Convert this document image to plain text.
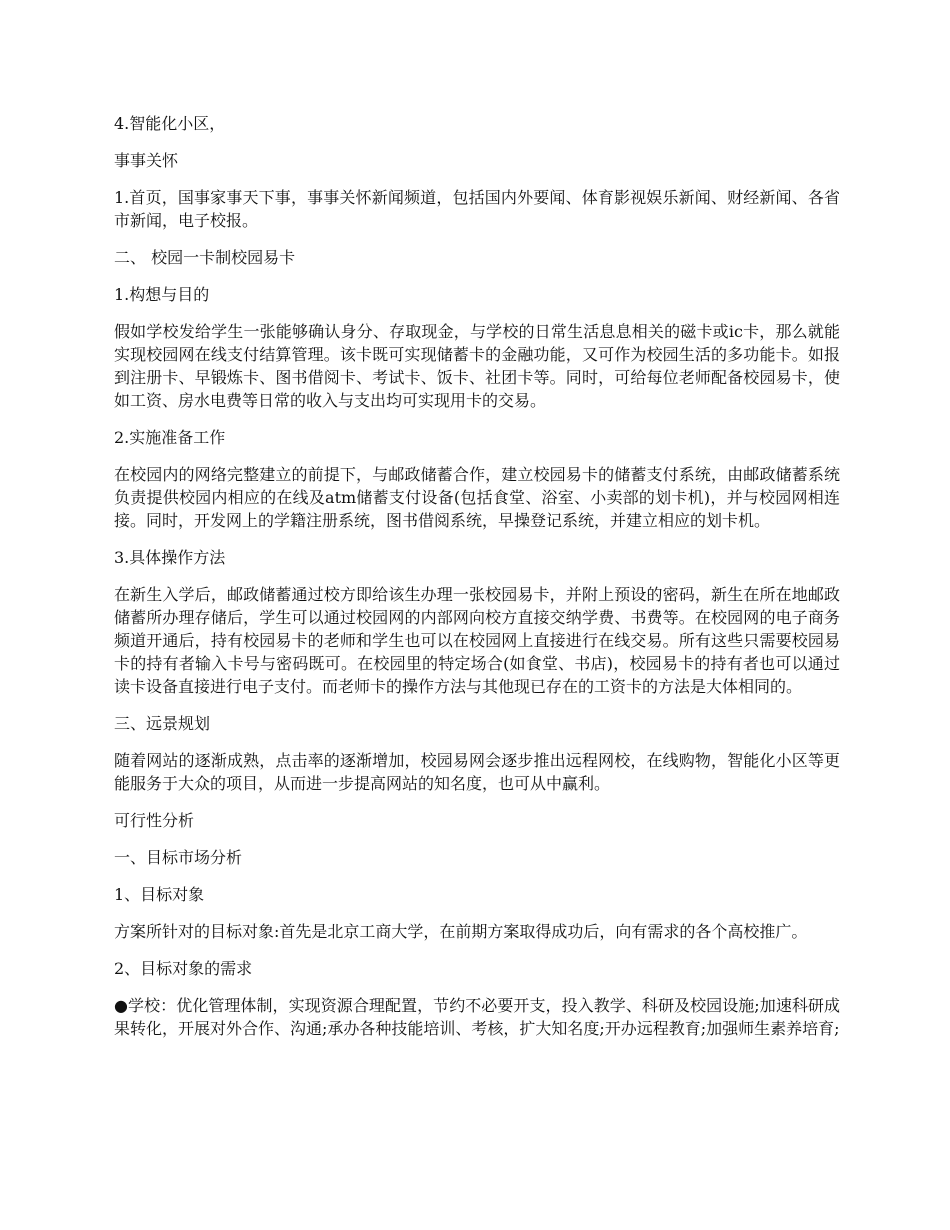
4.智能化小区，

事事关怀

1.首页，国事家事天下事，事事关怀新闻频道，包括国内外要闻、体育影视娱乐新闻、财经新闻、各省市新闻，电子校报。

二、 校园一卡制校园易卡

1.构想与目的

假如学校发给学生一张能够确认身分、存取现金，与学校的日常生活息息相关的磁卡或ic卡，那么就能实现校园网在线支付结算管理。该卡既可实现储蓄卡的金融功能，又可作为校园生活的多功能卡。如报到注册卡、早锻炼卡、图书借阅卡、考试卡、饭卡、社团卡等。同时，可给每位老师配备校园易卡，使如工资、房水电费等日常的收入与支出均可实现用卡的交易。

2.实施准备工作

在校园内的网络完整建立的前提下，与邮政储蓄合作，建立校园易卡的储蓄支付系统，由邮政储蓄系统负责提供校园内相应的在线及atm储蓄支付设备(包括食堂、浴室、小卖部的划卡机)，并与校园网相连接。同时，开发网上的学籍注册系统，图书借阅系统，早操登记系统，并建立相应的划卡机。

3.具体操作方法

在新生入学后，邮政储蓄通过校方即给该生办理一张校园易卡，并附上预设的密码，新生在所在地邮政储蓄所办理存储后，学生可以通过校园网的内部网向校方直接交纳学费、书费等。在校园网的电子商务频道开通后，持有校园易卡的老师和学生也可以在校园网上直接进行在线交易。所有这些只需要校园易卡的持有者输入卡号与密码既可。在校园里的特定场合(如食堂、书店)，校园易卡的持有者也可以通过读卡设备直接进行电子支付。而老师卡的操作方法与其他现已存在的工资卡的方法是大体相同的。

三、远景规划

随着网站的逐渐成熟，点击率的逐渐增加，校园易网会逐步推出远程网校，在线购物，智能化小区等更能服务于大众的项目，从而进一步提高网站的知名度，也可从中赢利。

可行性分析

一、目标市场分析

1、目标对象

方案所针对的目标对象:首先是北京工商大学，在前期方案取得成功后，向有需求的各个高校推广。

2、目标对象的需求

●学校：优化管理体制，实现资源合理配置，节约不必要开支，投入教学、科研及校园设施;加速科研成果转化，开展对外合作、沟通;承办各种技能培训、考核，扩大知名度;开办远程教育;加强师生素养培育;
